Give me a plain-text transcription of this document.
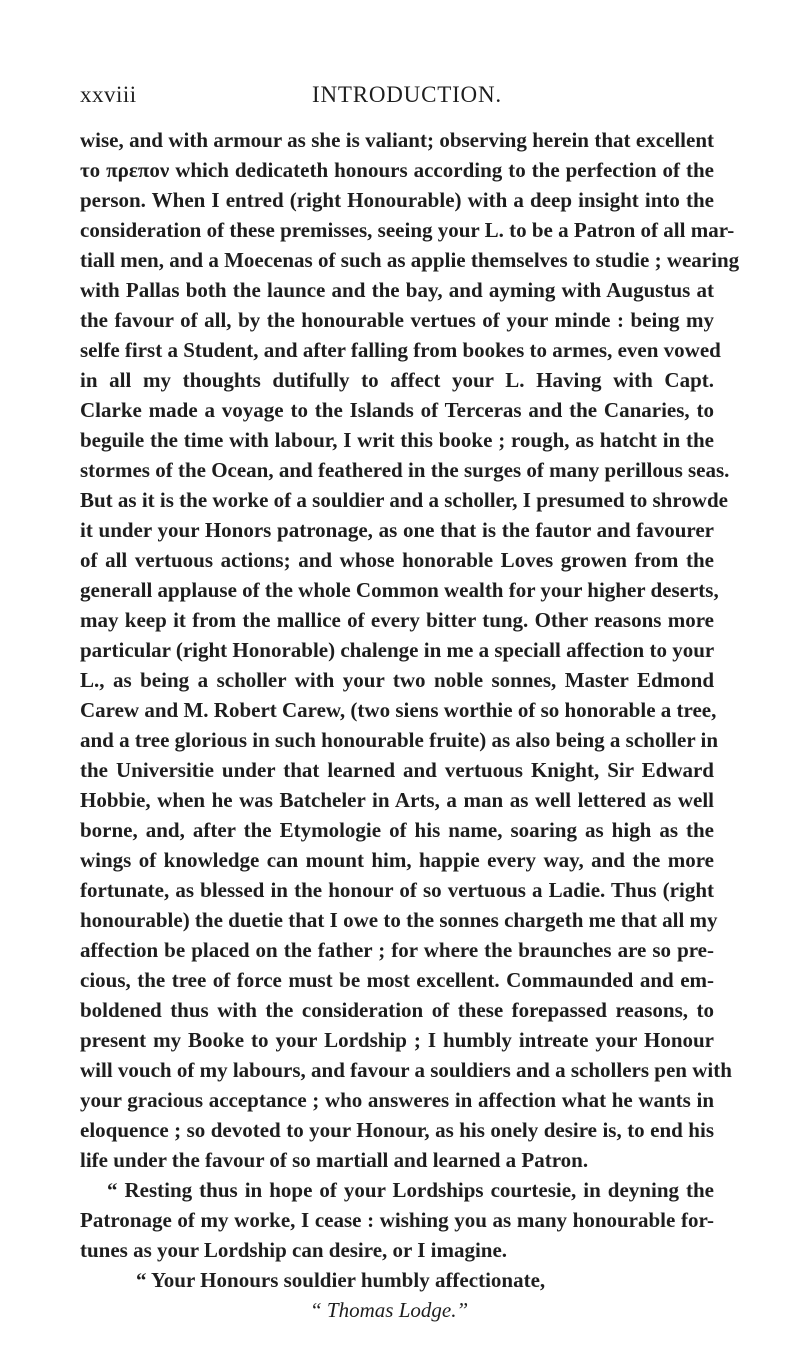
xxviii	INTRODUCTION.
wise, and with armour as she is valiant; observing herein that excellent
το πρεπον which dedicateth honours according to the perfection of the
person. When I entred (right Honourable) with a deep insight into the
consideration of these premisses, seeing your L. to be a Patron of all mar-
tiall men, and a Moecenas of such as applie themselves to studie ; wearing
with Pallas both the launce and the bay, and ayming with Augustus at
the favour of all, by the honourable vertues of your minde : being my
selfe first a Student, and after falling from bookes to armes, even vowed
in all my thoughts dutifully to affect your L. Having with Capt.
Clarke made a voyage to the Islands of Terceras and the Canaries, to
beguile the time with labour, I writ this booke ; rough, as hatcht in the
stormes of the Ocean, and feathered in the surges of many perillous seas.
But as it is the worke of a souldier and a scholler, I presumed to shrowde
it under your Honors patronage, as one that is the fautor and favourer
of all vertuous actions; and whose honorable Loves growen from the
generall applause of the whole Common wealth for your higher deserts,
may keep it from the mallice of every bitter tung. Other reasons more
particular (right Honorable) chalenge in me a speciall affection to your
L., as being a scholler with your two noble sonnes, Master Edmond
Carew and M. Robert Carew, (two siens worthie of so honorable a tree,
and a tree glorious in such honourable fruite) as also being a scholler in
the Universitie under that learned and vertuous Knight, Sir Edward
Hobbie, when he was Batcheler in Arts, a man as well lettered as well
borne, and, after the Etymologie of his name, soaring as high as the
wings of knowledge can mount him, happie every way, and the more
fortunate, as blessed in the honour of so vertuous a Ladie. Thus (right
honourable) the duetie that I owe to the sonnes chargeth me that all my
affection be placed on the father ; for where the braunches are so pre-
cious, the tree of force must be most excellent. Commaunded and em-
boldened thus with the consideration of these forepassed reasons, to
present my Booke to your Lordship ; I humbly intreate your Honour
will vouch of my labours, and favour a souldiers and a schollers pen with
your gracious acceptance ; who answeres in affection what he wants in
eloquence ; so devoted to your Honour, as his onely desire is, to end his
life under the favour of so martiall and learned a Patron.
“ Resting thus in hope of your Lordships courtesie, in deyning the
Patronage of my worke, I cease : wishing you as many honourable for-
tunes as your Lordship can desire, or I imagine.
“ Your Honours souldier humbly affectionate,
“ Thomas Lodge.”
